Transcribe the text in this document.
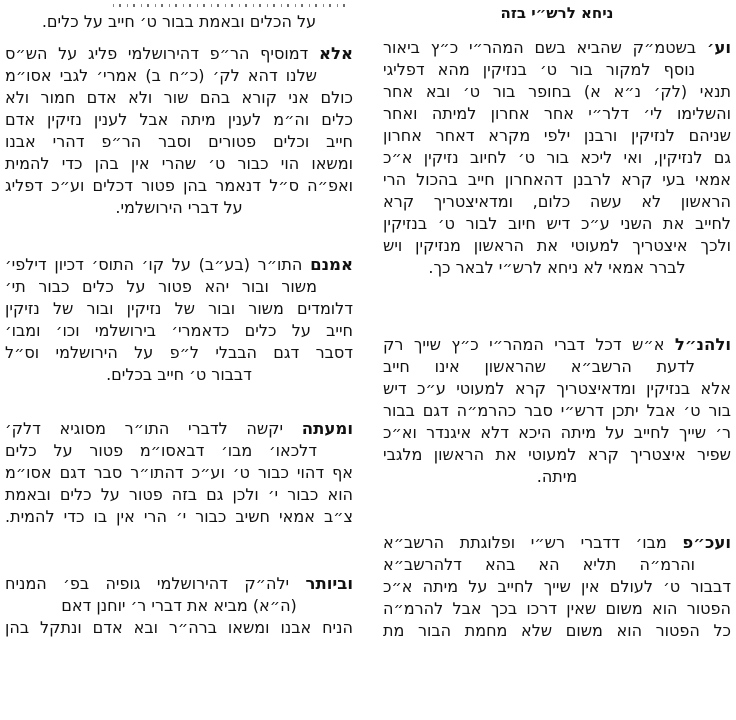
ניחא לרש״י בזה
וע׳ בשטמ״ק שהביא בשם המהר״י כ״ץ ביאור
נוסף למקור בור ט׳ בנזיקין מהא דפליגי
תנאי (לק׳ נ״א א) בחופר בור ט׳ ובא אחר
והשלימו לי׳ דלר״י אחר אחרון למיתה ואחר
שניהם לנזיקין ורבנן ילפי מקרא דאחר אחרון
גם לנזיקין, ואי ליכא בור ט׳ לחיוב נזיקין א״כ
אמאי בעי קרא לרבנן דהאחרון חייב בהכול הרי
הראשון לא עשה כלום, ומדאיצטריך קרא
לחייב את השני ע״כ דיש חיוב לבור ט׳ בנזיקין
ולכך איצטריך למעוטי את הראשון מנזיקין ויש
לברר אמאי לא ניחא לרש״י לבאר כך.
ולהנ״ל א״ש דכל דברי המהר״י כ״ץ שייך רק
לדעת הרשב״א שהראשון אינו חייב
אלא בנזיקין ומדאיצטריך קרא למעוטי ע״כ דיש
בור ט׳ אבל יתכן דרש״י סבר כהרמ״ה דגם בבור
ר׳ שייך לחייב על מיתה היכא דלא איגנדר וא״כ
שפיר איצטריך קרא למעוטי את הראשון מלגבי
מיתה.
ועכ״פ מבו׳ דדברי רש״י ופלוגתת הרשב״א
והרמ״ה תליא הא בהא דלהרשב״א
דבבור ט׳ לעולם אין שייך לחייב על מיתה א״כ
הפטור הוא משום שאין דרכו בכך אבל להרמ״ה
כל הפטור הוא משום שלא מחמת הבור מת
על הכלים ובאמת בבור ט׳ חייב על כלים.
אלא דמוסיף הר״פ דהירושלמי פליג על הש״ס
שלנו דהא לק׳ (כ״ח ב) אמרי׳ לגבי אסו״מ
כולם אני קורא בהם שור ולא אדם חמור ולא
כלים וה״מ לענין מיתה אבל לענין נזיקין אדם
חייב וכלים פטורים וסבר הר״פ דהרי אבנו
ומשאו הוי כבור ט׳ שהרי אין בהן כדי להמית
ואפ״ה ס״ל דנאמר בהן פטור דכלים וע״כ דפליג
על דברי הירושלמי.
אמנם התו״ר (בע״ב) על קו׳ התוס׳ דכיון דילפי׳
משור ובור יהא פטור על כלים כבור תי׳
דלומדים משור ובור של נזיקין ובור של נזיקין
חייב על כלים כדאמרי׳ בירושלמי וכו׳ ומבו׳
דסבר דגם הבבלי ל״פ על הירושלמי וס״ל
דבבור ט׳ חייב בכלים.
ומעתה יקשה לדברי התו״ר מסוגיא דלק׳
דלכאו׳ מבו׳ דבאסו״מ פטור על כלים
אף דהוי כבור ט׳ וע״כ דהתו״ר סבר דגם אסו״מ
הוא כבור י׳ ולכן גם בזה פטור על כלים ובאמת
צ״ב אמאי חשיב כבור י׳ הרי אין בו כדי להמית.
וביותר ילה״ק דהירושלמי גופיה בפ׳ המניח
(ה״א) מביא את דברי ר׳ יוחנן דאם
הניח אבנו ומשאו ברה״ר ובא אדם ונתקל בהן
